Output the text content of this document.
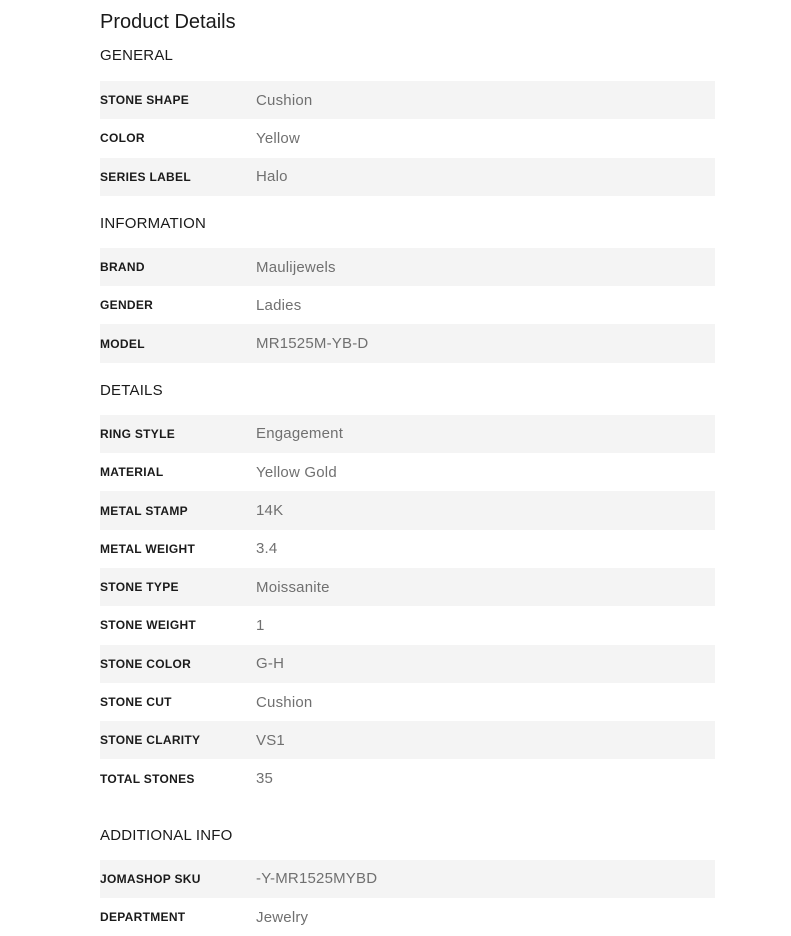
Product Details
GENERAL
STONE SHAPE	Cushion
COLOR	Yellow
SERIES LABEL	Halo
INFORMATION
BRAND	Maulijewels
GENDER	Ladies
MODEL	MR1525M-YB-D
DETAILS
RING STYLE	Engagement
MATERIAL	Yellow Gold
METAL STAMP	14K
METAL WEIGHT	3.4
STONE TYPE	Moissanite
STONE WEIGHT	1
STONE COLOR	G-H
STONE CUT	Cushion
STONE CLARITY	VS1
TOTAL STONES	35
ADDITIONAL INFO
JOMASHOP SKU	-Y-MR1525MYBD
DEPARTMENT	Jewelry
